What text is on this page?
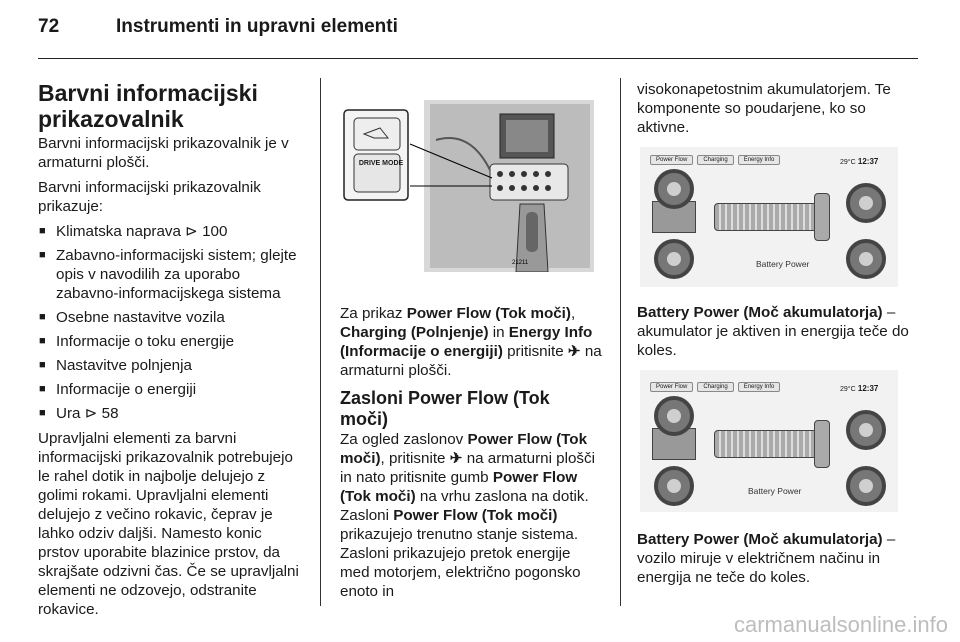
72	Instrumenti in upravni elementi
Barvni informacijski prikazovalnik

Barvni informacijski prikazovalnik je v armaturni plošči.

Barvni informacijski prikazovalnik prikazuje:

■ Klimatska naprava ⊳ 100
■ Zabavno-informacijski sistem; glejte opis v navodilih za uporabo zabavno-informacijskega sistema
■ Osebne nastavitve vozila
■ Informacije o toku energije
■ Nastavitve polnjenja
■ Informacije o energiji
■ Ura ⊳ 58

Upravljalni elementi za barvni informacijski prikazovalnik potrebujejo le rahel dotik in najbolje delujejo z golimi rokami. Upravljalni elementi delujejo z večino rokavic, čeprav je lahko odziv daljši. Namesto konic prstov uporabite blazinice prstov, da skrajšate odzivni čas. Če se upravljalni elementi ne odzovejo, odstranite rokavice.

21211
DRIVE MODE

Za prikaz Power Flow (Tok moči), Charging (Polnjenje) in Energy Info (Informacije o energiji) pritisnite ✈ na armaturni plošči.

Zasloni Power Flow (Tok moči)

Za ogled zaslonov Power Flow (Tok moči), pritisnite ✈ na armaturni plošči in nato pritisnite gumb Power Flow (Tok moči) na vrhu zaslona na dotik. Zasloni Power Flow (Tok moči) prikazujejo trenutno stanje sistema. Zasloni prikazujejo pretok energije med motorjem, električno pogonsko enoto in

visokonapetostnim akumulatorjem. Te komponente so poudarjene, ko so aktivne.

Power Flow	Charging	Energy Info	29°C 12:37
Battery Power

Battery Power (Moč akumulatorja) – akumulator je aktiven in energija teče do koles.

Power Flow	Charging	Energy Info	29°C 12:37
Battery Power

Battery Power (Moč akumulatorja) – vozilo miruje v električnem načinu in energija ne teče do koles.

carmanualsonline.info
